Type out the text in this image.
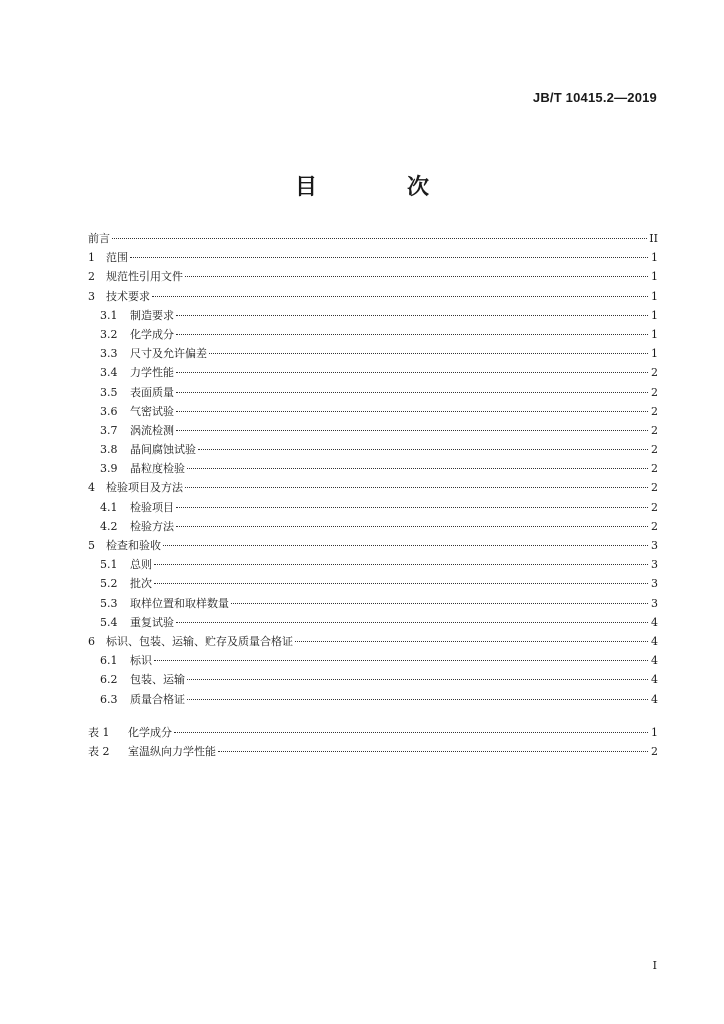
JB/T 10415.2—2019
目　次
前言	II
1	范围	1
2	规范性引用文件	1
3	技术要求	1
3.1	制造要求	1
3.2	化学成分	1
3.3	尺寸及允许偏差	1
3.4	力学性能	2
3.5	表面质量	2
3.6	气密试验	2
3.7	涡流检测	2
3.8	晶间腐蚀试验	2
3.9	晶粒度检验	2
4	检验项目及方法	2
4.1	检验项目	2
4.2	检验方法	2
5	检查和验收	3
5.1	总则	3
5.2	批次	3
5.3	取样位置和取样数量	3
5.4	重复试验	4
6	标识、包装、运输、贮存及质量合格证	4
6.1	标识	4
6.2	包装、运输	4
6.3	质量合格证	4
表 1	化学成分	1
表 2	室温纵向力学性能	2
I
